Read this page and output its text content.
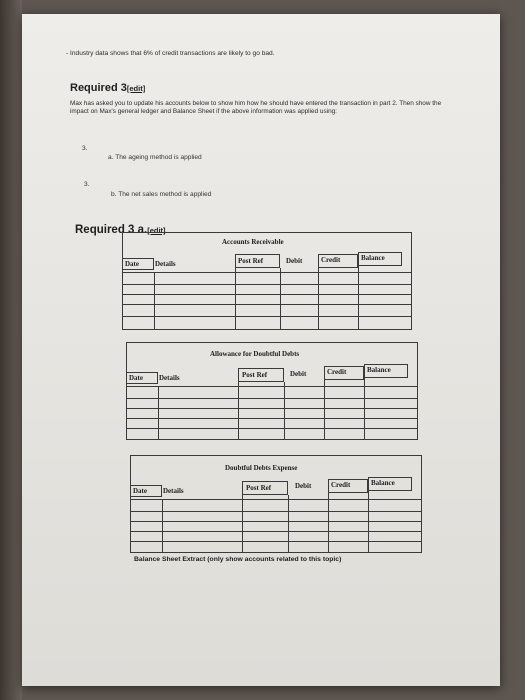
- Industry data shows that 6% of credit transactions are likely to go bad.
Required 3[edit]
Max has asked you to update his accounts below to show him how he should have entered the transaction in part 2. Then show the impact on Max's general ledger and Balance Sheet if the above information was applied using:
3.
a. The ageing method is applied
3.
b. The net sales method is applied
Required 3 a.[edit]
Accounts Receivable
Date Details	Post Ref	Debit	Credit	Balance
Allowance for Doubtful Debts
Date Details	Post Ref	Debit	Credit	Balance
Doubtful Debts Expense
Date Details	Post Ref	Debit	Credit	Balance
Balance Sheet Extract (only show accounts related to this topic)
